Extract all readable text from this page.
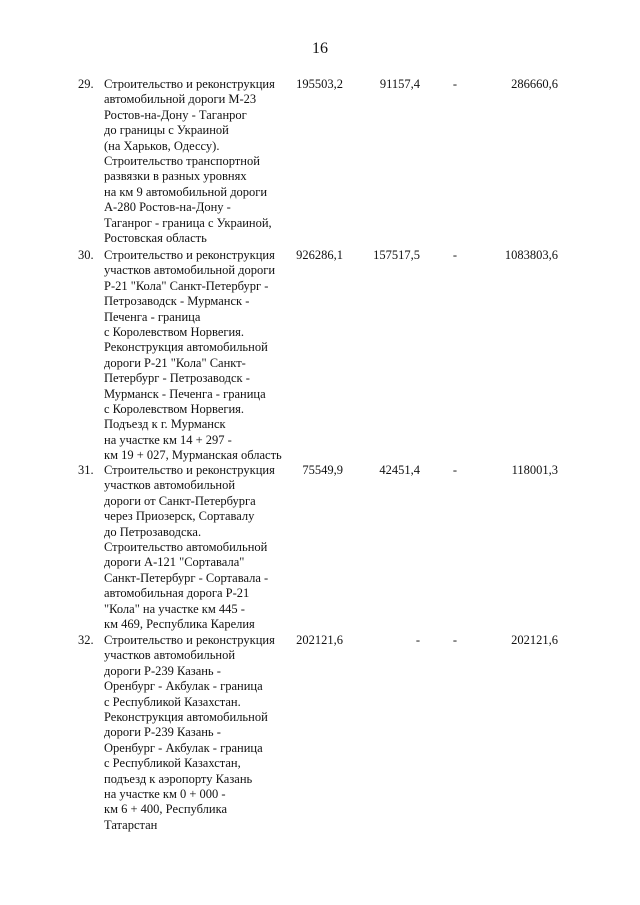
16
29. Строительство и реконструкция
автомобильной дороги М-23
Ростов-на-Дону - Таганрог
до границы с Украиной
(на Харьков, Одессу).
Строительство транспортной
развязки в разных уровнях
на км 9 автомобильной дороги
А-280 Ростов-на-Дону -
Таганрог - граница с Украиной,
Ростовская область
195503,2	91157,4	-	286660,6
30. Строительство и реконструкция
участков автомобильной дороги
Р-21 "Кола" Санкт-Петербург -
Петрозаводск - Мурманск -
Печенга - граница
с Королевством Норвегия.
Реконструкция автомобильной
дороги Р-21 "Кола" Санкт-
Петербург - Петрозаводск -
Мурманск - Печенга - граница
с Королевством Норвегия.
Подъезд к г. Мурманск
на участке км 14 + 297 -
км 19 + 027, Мурманская область
926286,1	157517,5	-	1083803,6
31. Строительство и реконструкция
участков автомобильной
дороги от Санкт-Петербурга
через Приозерск, Сортавалу
до Петрозаводска.
Строительство автомобильной
дороги А-121 "Сортавала"
Санкт-Петербург - Сортавала -
автомобильная дорога Р-21
"Кола" на участке км 445 -
км 469, Республика Карелия
75549,9	42451,4	-	118001,3
32. Строительство и реконструкция
участков автомобильной
дороги Р-239 Казань -
Оренбург - Акбулак - граница
с Республикой Казахстан.
Реконструкция автомобильной
дороги Р-239 Казань -
Оренбург - Акбулак - граница
с Республикой Казахстан,
подъезд к аэропорту Казань
на участке км 0 + 000 -
км 6 + 400, Республика
Татарстан
202121,6	-	-	202121,6
